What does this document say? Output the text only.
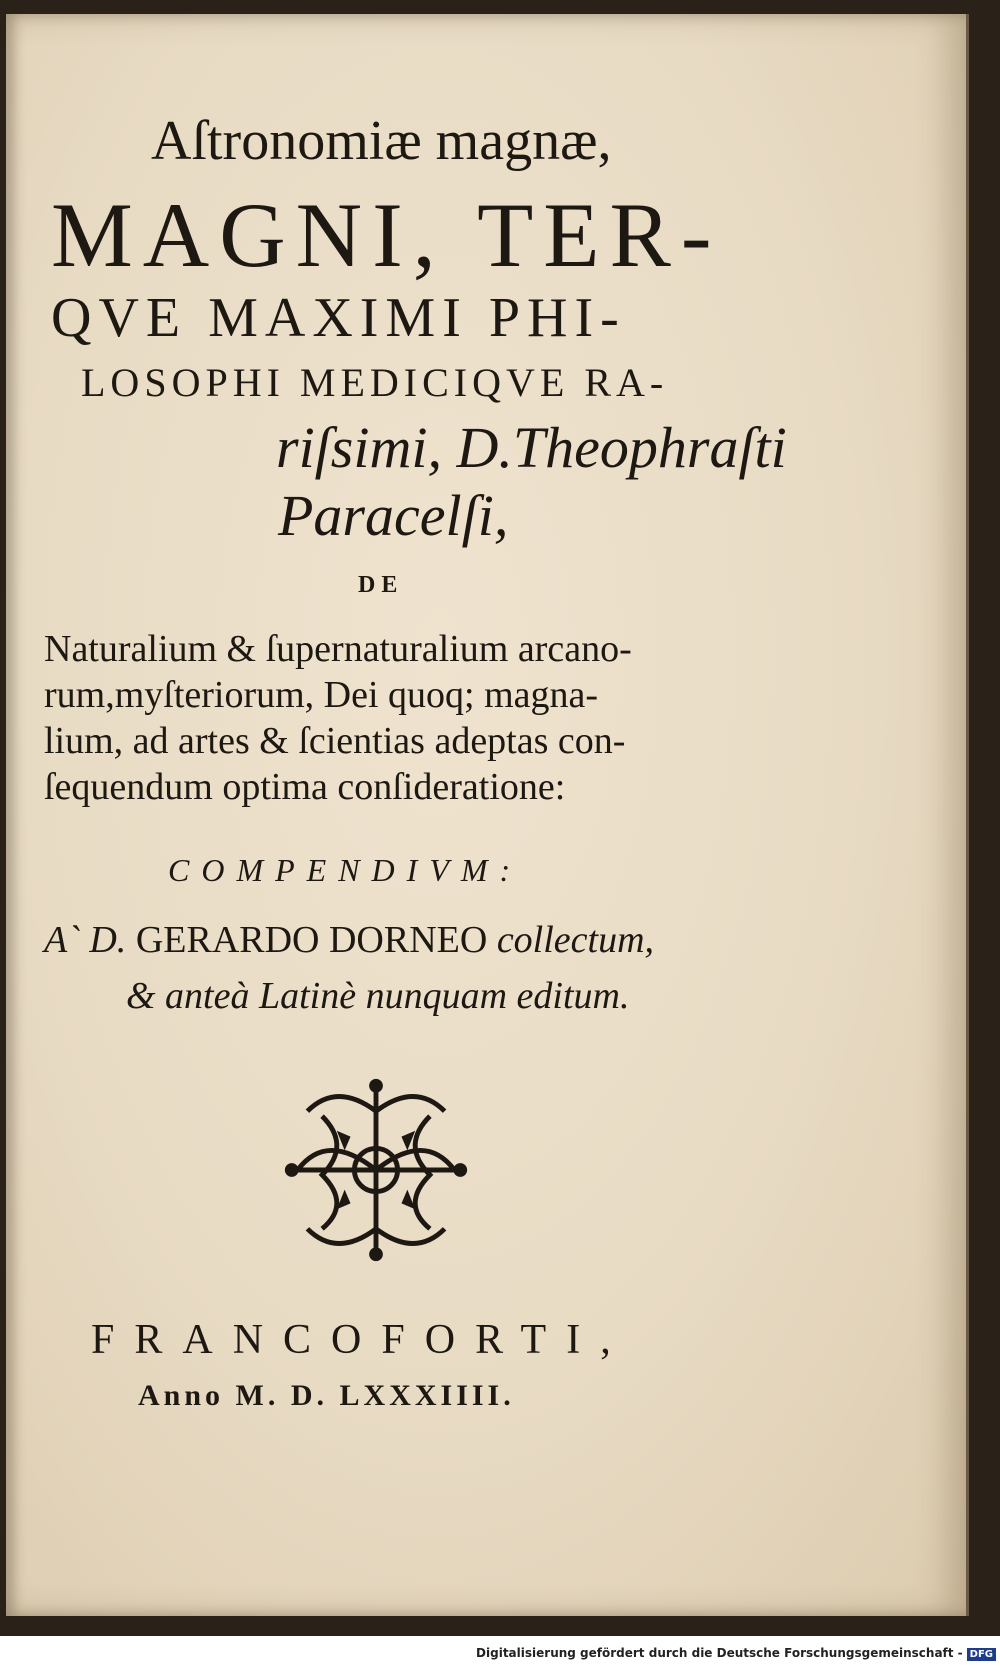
Aſtronomiæ magnæ,
MAGNI, TER-
QVE MAXIMI PHI-
LOSOPHI MEDICIQVE RA-
riſsimi, D.Theophraſti
Paracelſi,
DE
Naturalium & ſupernaturalium arcano-
rum,myſteriorum, Dei quoq; magna-
lium, ad artes & ſcientias adeptas con-
ſequendum optima conſideratione:
COMPENDIVM:
A` D. GERARDO DORNEO collectum,
& anteà Latinè nunquam editum.
FRANCOFORTI,
Anno M. D. LXXXIIII.
Digitalisierung gefördert durch die Deutsche Forschungsgemeinschaft - DFG
